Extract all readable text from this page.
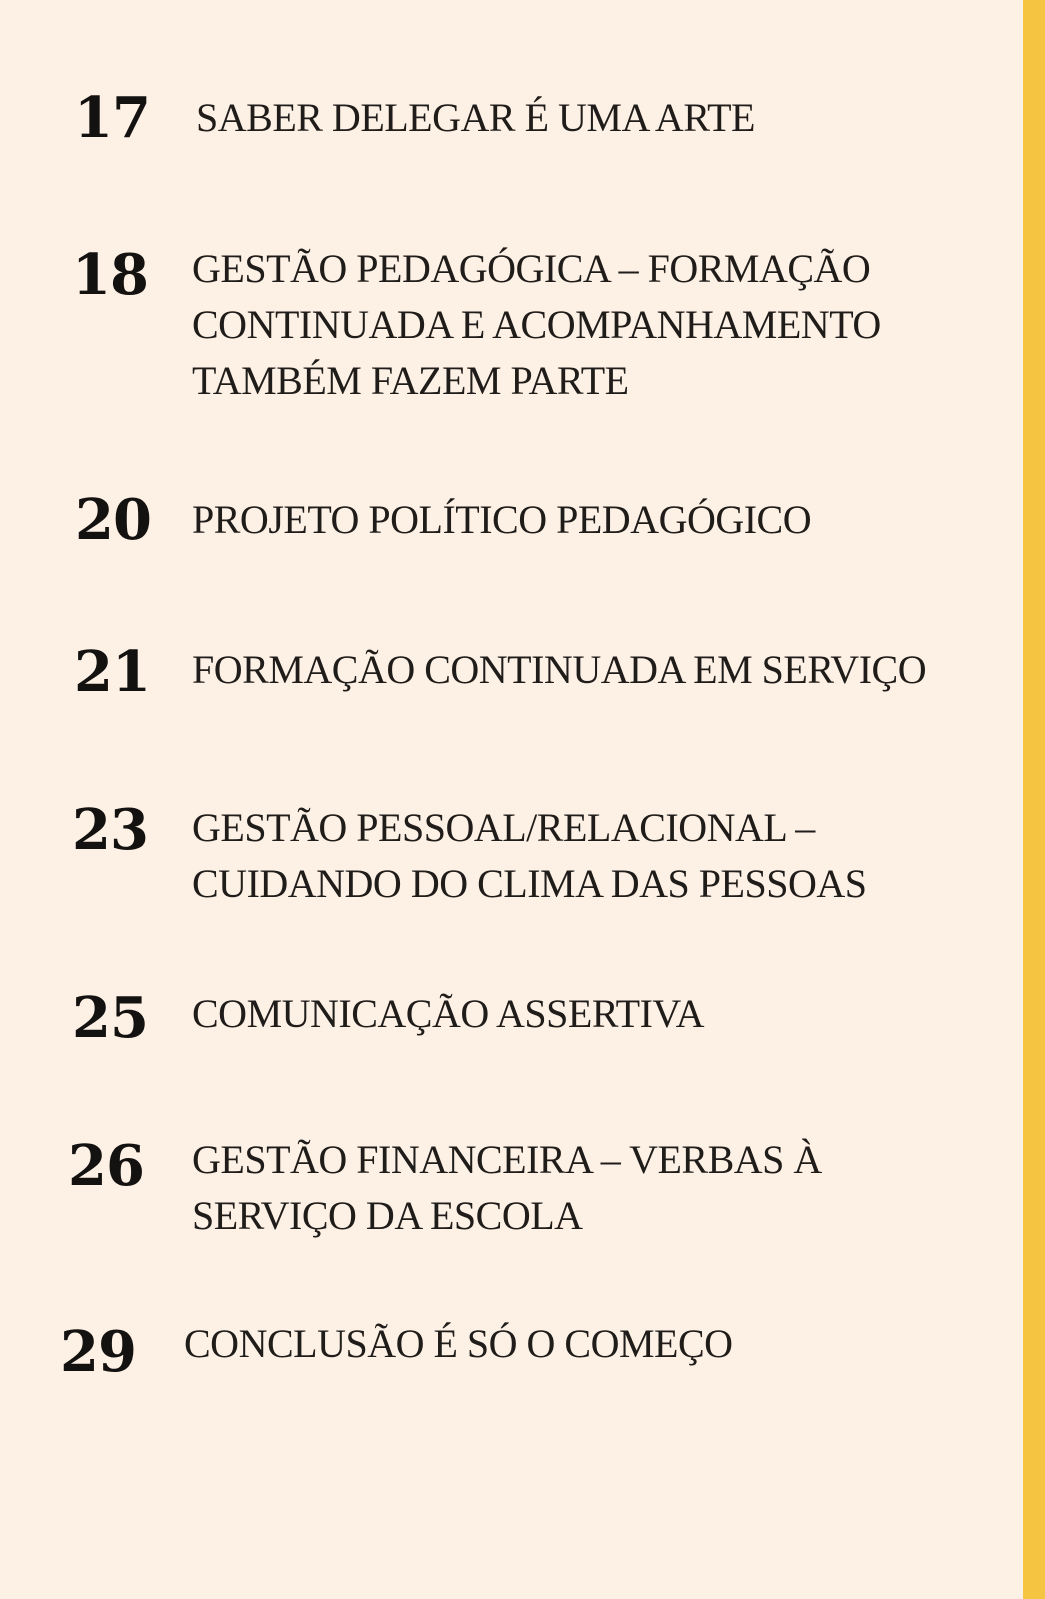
17 SABER DELEGAR É UMA ARTE
18 GESTÃO PEDAGÓGICA – FORMAÇÃO
CONTINUADA E ACOMPANHAMENTO
TAMBÉM FAZEM PARTE
20 PROJETO POLÍTICO PEDAGÓGICO
21 FORMAÇÃO CONTINUADA EM SERVIÇO
23 GESTÃO PESSOAL/RELACIONAL –
CUIDANDO DO CLIMA DAS PESSOAS
25 COMUNICAÇÃO ASSERTIVA
26 GESTÃO FINANCEIRA – VERBAS À
SERVIÇO DA ESCOLA
29 CONCLUSÃO É SÓ O COMEÇO
